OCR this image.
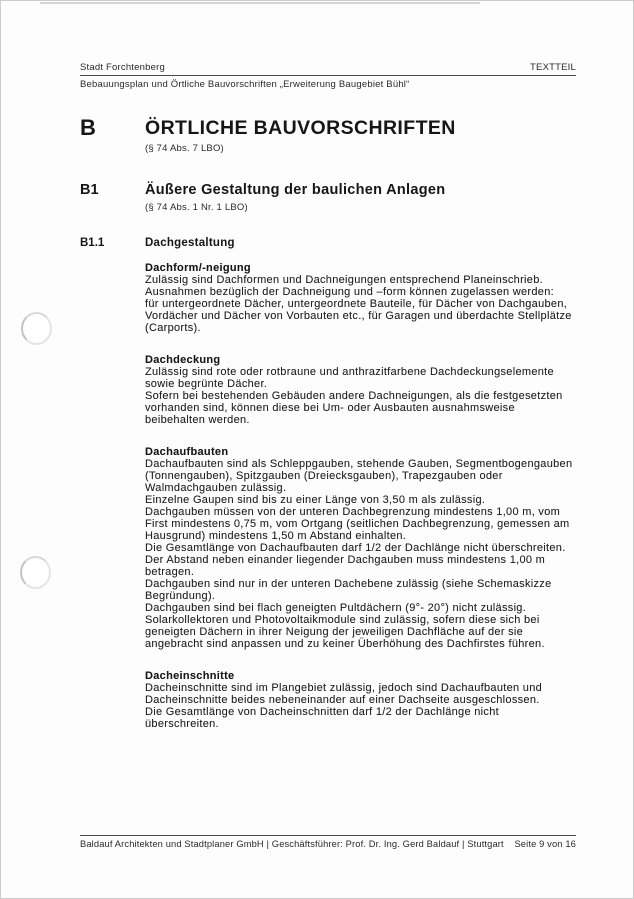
Stadt Forchtenberg	TEXTTEIL
Bebauungsplan und Örtliche Bauvorschriften „Erweiterung Baugebiet Bühl“
B	ÖRTLICHE BAUVORSCHRIFTEN
(§ 74 Abs. 7 LBO)
B1	Äußere Gestaltung der baulichen Anlagen
(§ 74 Abs. 1 Nr. 1 LBO)
B1.1	Dachgestaltung

Dachform/-neigung

Zulässig sind Dachformen und Dachneigungen entsprechend Planeinschrieb.

Ausnahmen bezüglich der Dachneigung und –form können zugelassen werden:

für untergeordnete Dächer, untergeordnete Bauteile, für Dächer von Dachgauben, Vordächer und Dächer von Vorbauten etc., für Garagen und überdachte Stellplätze (Carports).

Dachdeckung

Zulässig sind rote oder rotbraune und anthrazitfarbene Dachdeckungselemente sowie begrünte Dächer.

Sofern bei bestehenden Gebäuden andere Dachneigungen, als die festgesetzten vorhanden sind, können diese bei Um- oder Ausbauten ausnahmsweise beibehalten werden.

Dachaufbauten

Dachaufbauten sind als Schleppgauben, stehende Gauben, Segmentbogengauben (Tonnengauben), Spitzgauben (Dreiecksgauben), Trapezgauben oder Walmdachgauben zulässig.

Einzelne Gaupen sind bis zu einer Länge von 3,50 m als zulässig.

Dachgauben müssen von der unteren Dachbegrenzung mindestens 1,00 m, vom First mindestens 0,75 m, vom Ortgang (seitlichen Dachbegrenzung, gemessen am Hausgrund) mindestens 1,50 m Abstand einhalten.

Die Gesamtlänge von Dachaufbauten darf 1/2 der Dachlänge nicht überschreiten.

Der Abstand neben einander liegender Dachgauben muss mindestens 1,00 m betragen.

Dachgauben sind nur in der unteren Dachebene zulässig (siehe Schemaskizze Begründung).

Dachgauben sind bei flach geneigten Pultdächern (9°- 20°) nicht zulässig.

Solarkollektoren und Photovoltaikmodule sind zulässig, sofern diese sich bei geneigten Dächern in ihrer Neigung der jeweiligen Dachfläche auf der sie angebracht sind anpassen und zu keiner Überhöhung des Dachfirstes führen.

Dacheinschnitte

Dacheinschnitte sind im Plangebiet zulässig, jedoch sind Dachaufbauten und Dacheinschnitte beides nebeneinander auf einer Dachseite ausgeschlossen.

Die Gesamtlänge von Dacheinschnitten darf 1/2 der Dachlänge nicht überschreiten.

Baldauf Architekten und Stadtplaner GmbH | Geschäftsführer: Prof. Dr. Ing. Gerd Baldauf | Stuttgart Seite 9 von 16
